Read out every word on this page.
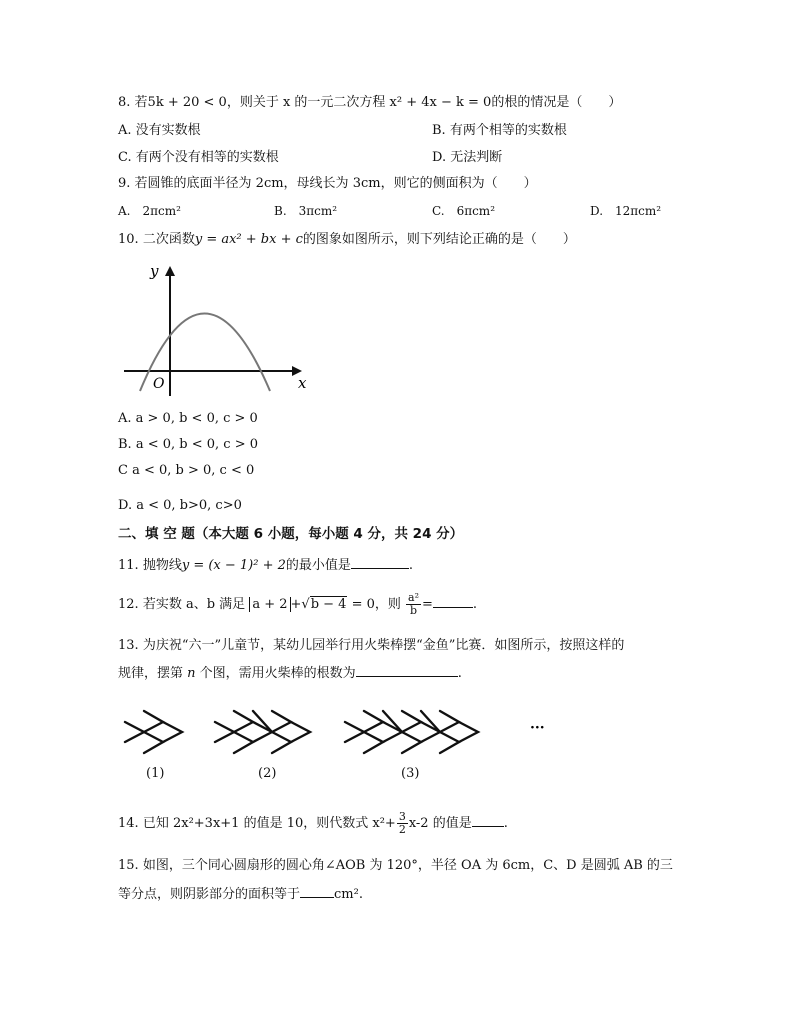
8. 若5k + 20 < 0，则关于 x 的一元二次方程 x² + 4x − k = 0的根的情况是（　　）
A. 没有实数根	B. 有两个相等的实数根
C. 有两个没有相等的实数根	D. 无法判断
9. 若圆锥的底面半径为 2cm，母线长为 3cm，则它的侧面积为（　　）
A.　2πcm²	B.　3πcm²	C.　6πcm²	D.　12πcm²
10. 二次函数y = ax² + bx + c的图象如图所示，则下列结论正确的是（　　）
y
x
O
A. a > 0, b < 0, c > 0
B. a < 0, b < 0, c > 0
C a < 0, b > 0, c < 0
D. a < 0, b>0, c>0
二、填 空 题（本大题 6 小题，每小题 4 分，共 24 分）
11. 抛物线y = (x − 1)² + 2的最小值是	.
12. 若实数 a、b 满足 a + 2 +√b − 4 = 0，则 $\frac{\text{a²}}{b}$ =	.
13. 为庆祝“六一”儿童节，某幼儿园举行用火柴棒摆“金鱼”比赛．如图所示，按照这样的
规律，摆第 n 个图，需用火柴棒的根数为	.
···
(1)	(2)	(3)
14. 已知 2x²+3x+1 的值是 10，则代数式 $x^2+ \frac{3}{2} x-2$ 的值是 .
15. 如图，三个同心圆扇形的圆心角∠AOB 为 120°，半径 OA 为 6cm，C、D 是圆弧 AB 的三
等分点，则阴影部分的面积等于	cm².
